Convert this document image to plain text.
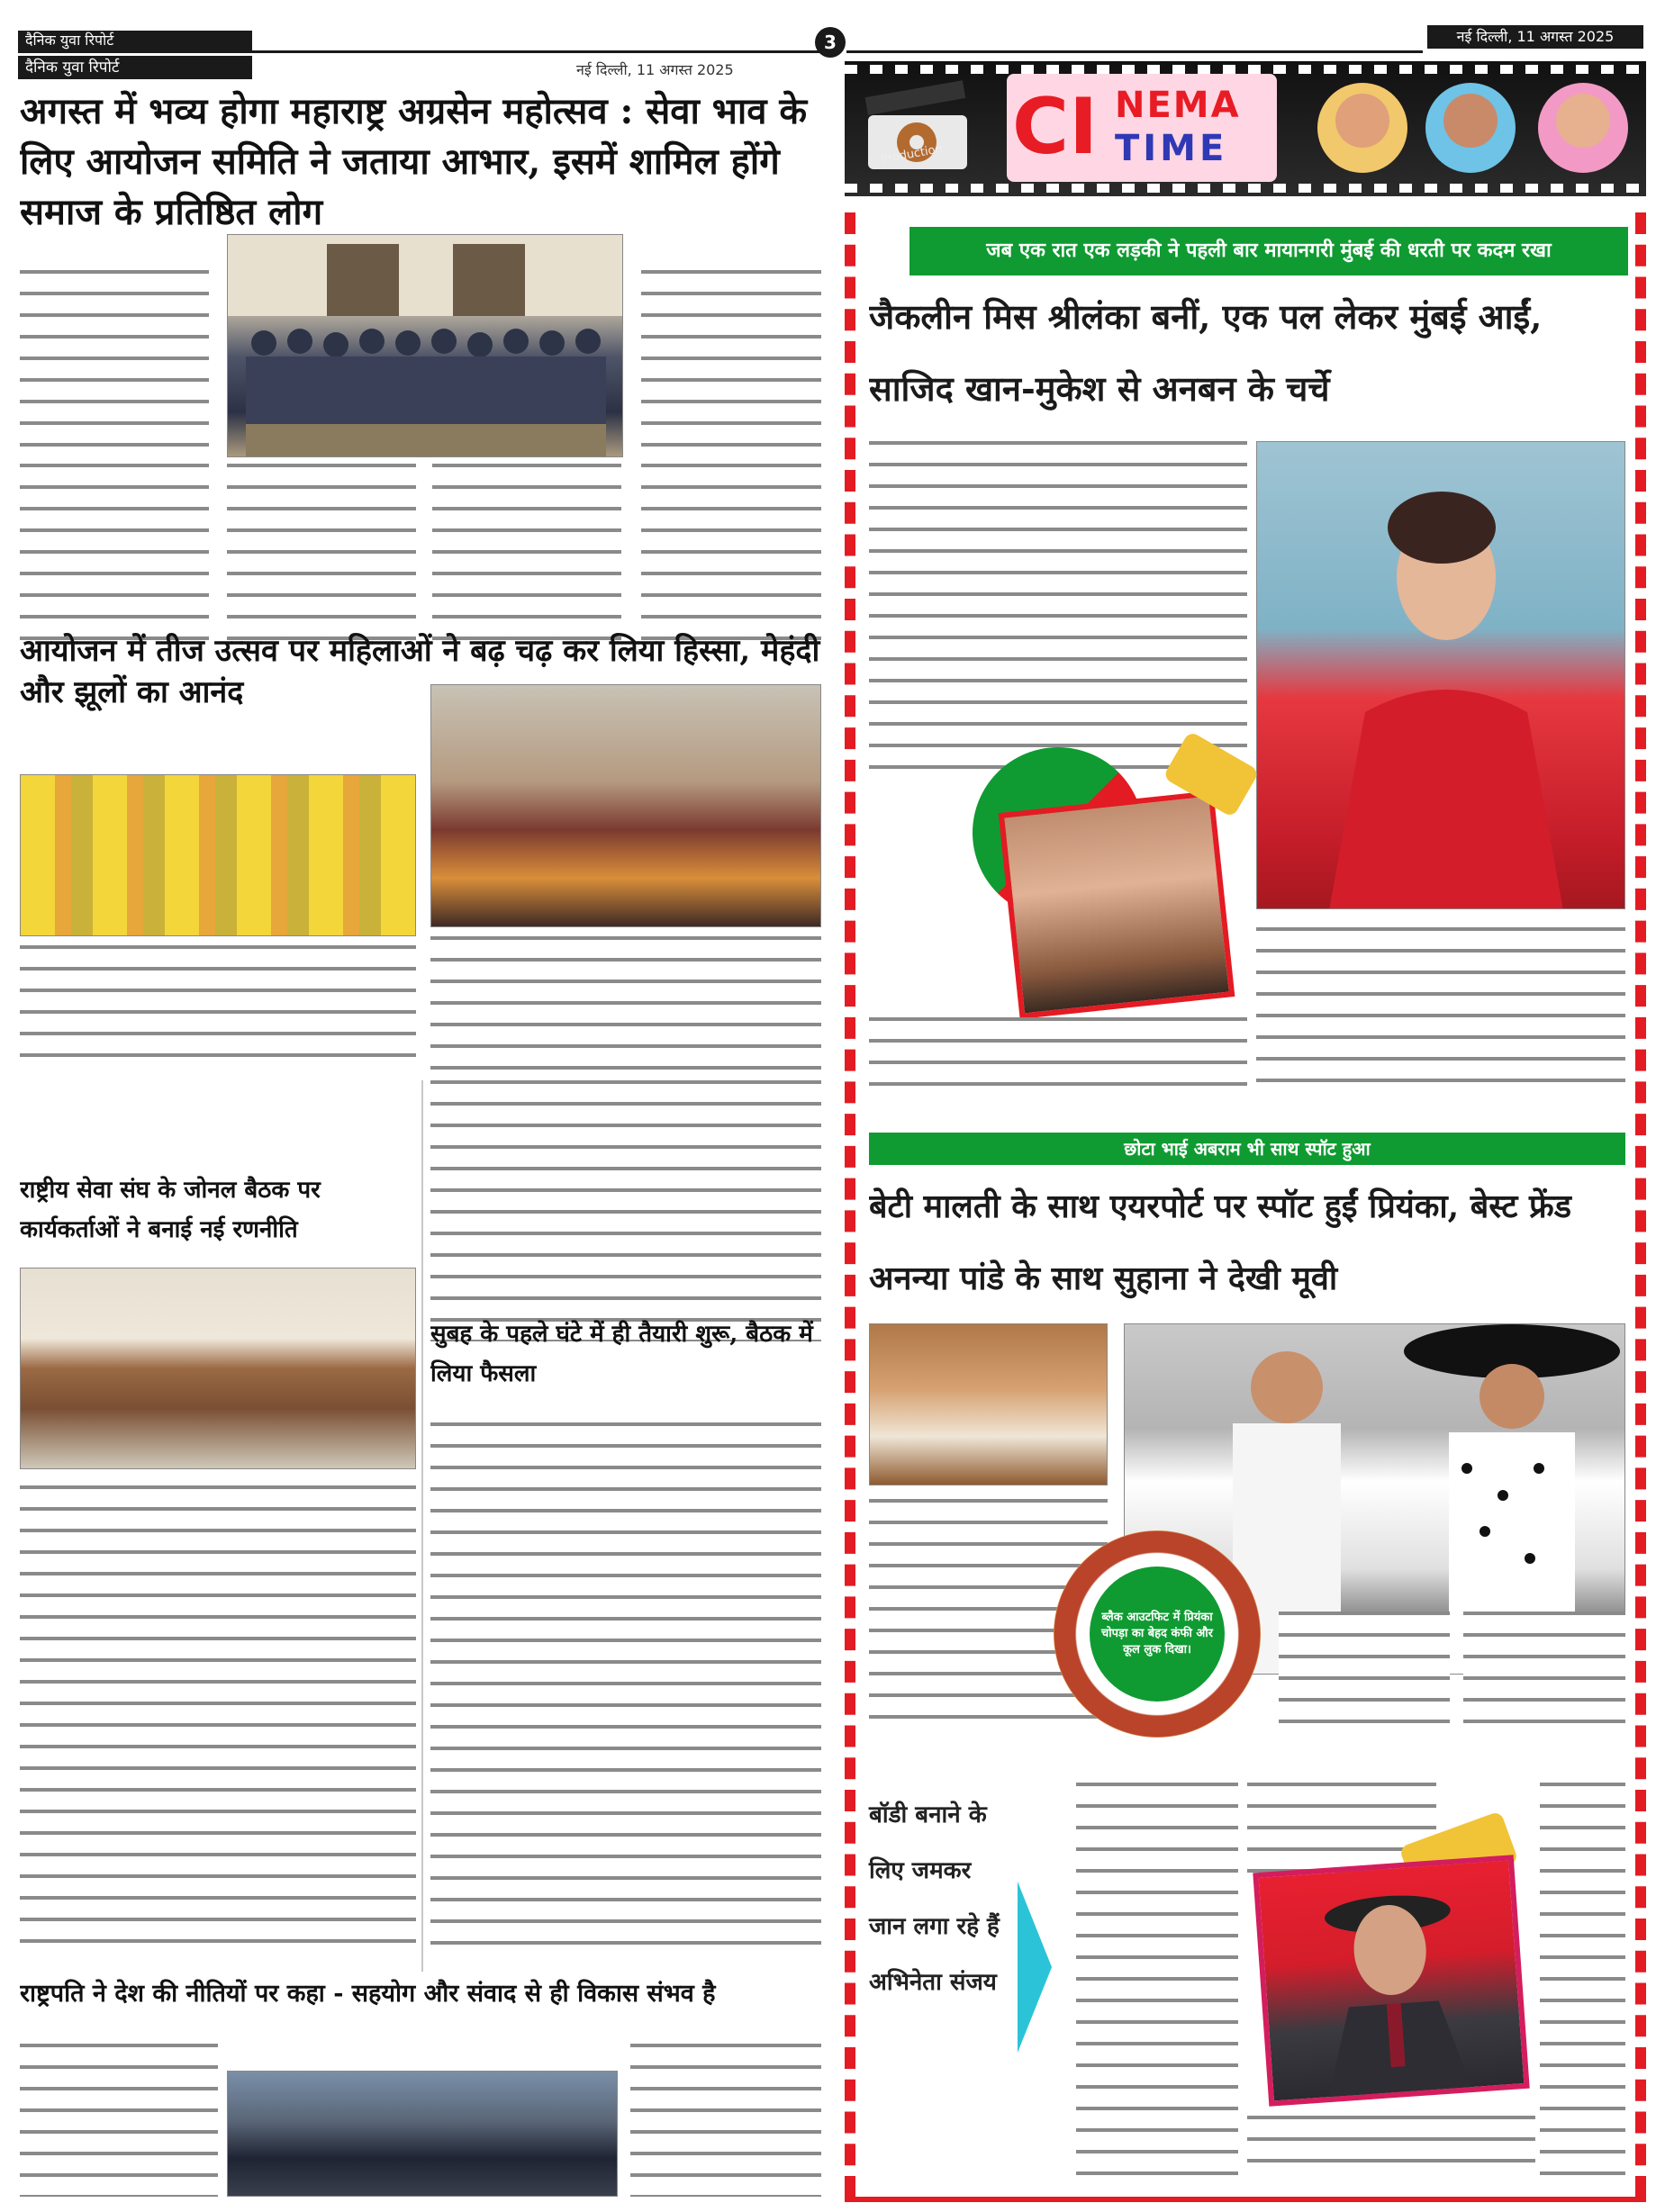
दैनिक युवा रिपोर्ट	3	नई दिल्ली, 11 अगस्त 2025
दैनिक युवा रिपोर्ट	नई दिल्ली, 11 अगस्त 2025
अगस्त में भव्य होगा महाराष्ट्र अग्रसेन महोत्सव : सेवा भाव के लिए आयोजन समिति ने जताया आभार, इसमें शामिल होंगे समाज के प्रतिष्ठित लोग
आयोजन में तीज उत्सव पर महिलाओं ने बढ़ चढ़ कर लिया हिस्सा, मेहंदी और झूलों का आनंद
राष्ट्रीय सेवा संघ के जोनल बैठक पर कार्यकर्ताओं ने बनाई नई रणनीति
सुबह के पहले घंटे में ही तैयारी शुरू, बैठक में लिया फैसला
राष्ट्रपति ने देश की नीतियों पर कहा - सहयोग और संवाद से ही विकास संभव है
Production CI NEMA
TIME
जब एक रात एक लड़की ने पहली बार मायानगरी मुंबई की धरती पर कदम रखा
जैकलीन मिस श्रीलंका बनीं, एक पल लेकर मुंबई आईं, साजिद खान-मुकेश से अनबन के चर्चे
छोटा भाई अबराम भी साथ स्पॉट हुआ
बेटी मालती के साथ एयरपोर्ट पर स्पॉट हुईं प्रियंका, बेस्ट फ्रेंड अनन्या पांडे के साथ सुहाना ने देखी मूवी
ब्लैक आउटफिट में प्रियंका चोपड़ा का बेहद कंफी और कूल लुक दिखा।
बॉडी बनाने के लिए जमकर जान लगा रहे हैं अभिनेता संजय
